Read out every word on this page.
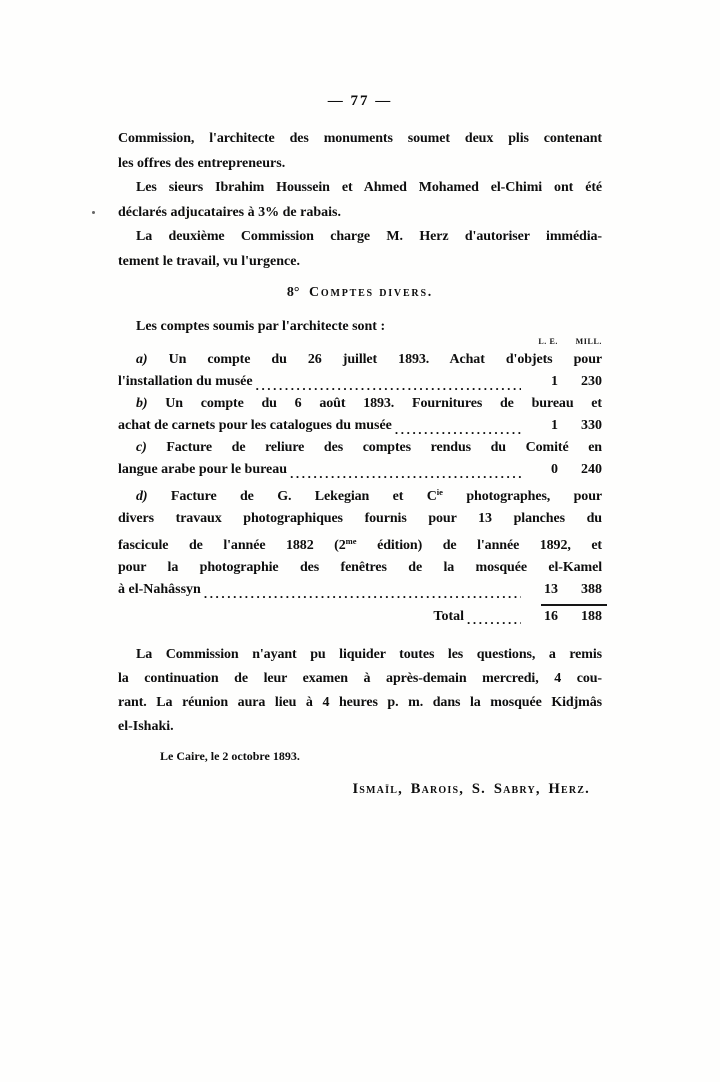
— 77 —
Commission, l'architecte des monuments soumet deux plis contenant
les offres des entrepreneurs.
Les sieurs Ibrahim Houssein et Ahmed Mohamed el-Chimi ont été
déclarés adjucataires à 3% de rabais.
La deuxième Commission charge M. Herz d'autoriser immédia-
tement le travail, vu l'urgence.
8° Comptes divers.
Les comptes soumis par l'architecte sont :
L. E.	MILL.
a) Un compte du 26 juillet 1893. Achat d'objets pour
l'installation du musée .....	1	230
b) Un compte du 6 août 1893. Fournitures de bureau et
achat de carnets pour les catalogues du musée .....	1	330
c) Facture de reliure des comptes rendus du Comité en
langue arabe pour le bureau .....	0	240
d) Facture de G. Lekegian et $C^{ie}$ photographes, pour
divers travaux photographiques fournis pour 13 planches du
fascicule de l'année 1882 ($2^{me}$ édition) de l'année 1892, et
pour la photographie des fenêtres de la mosquée el-Kamel
à el-Nahâssyn .....	13	388
Total .....	16	188
La Commission n'ayant pu liquider toutes les questions, a remis
la continuation de leur examen à après-demain mercredi, 4 cou-
rant. La réunion aura lieu à 4 heures p. m. dans la mosquée Kidjmâs
el-Ishaki.
Le Caire, le 2 octobre 1893.
Ismaïl, Barois, S. Sabry, Herz.
